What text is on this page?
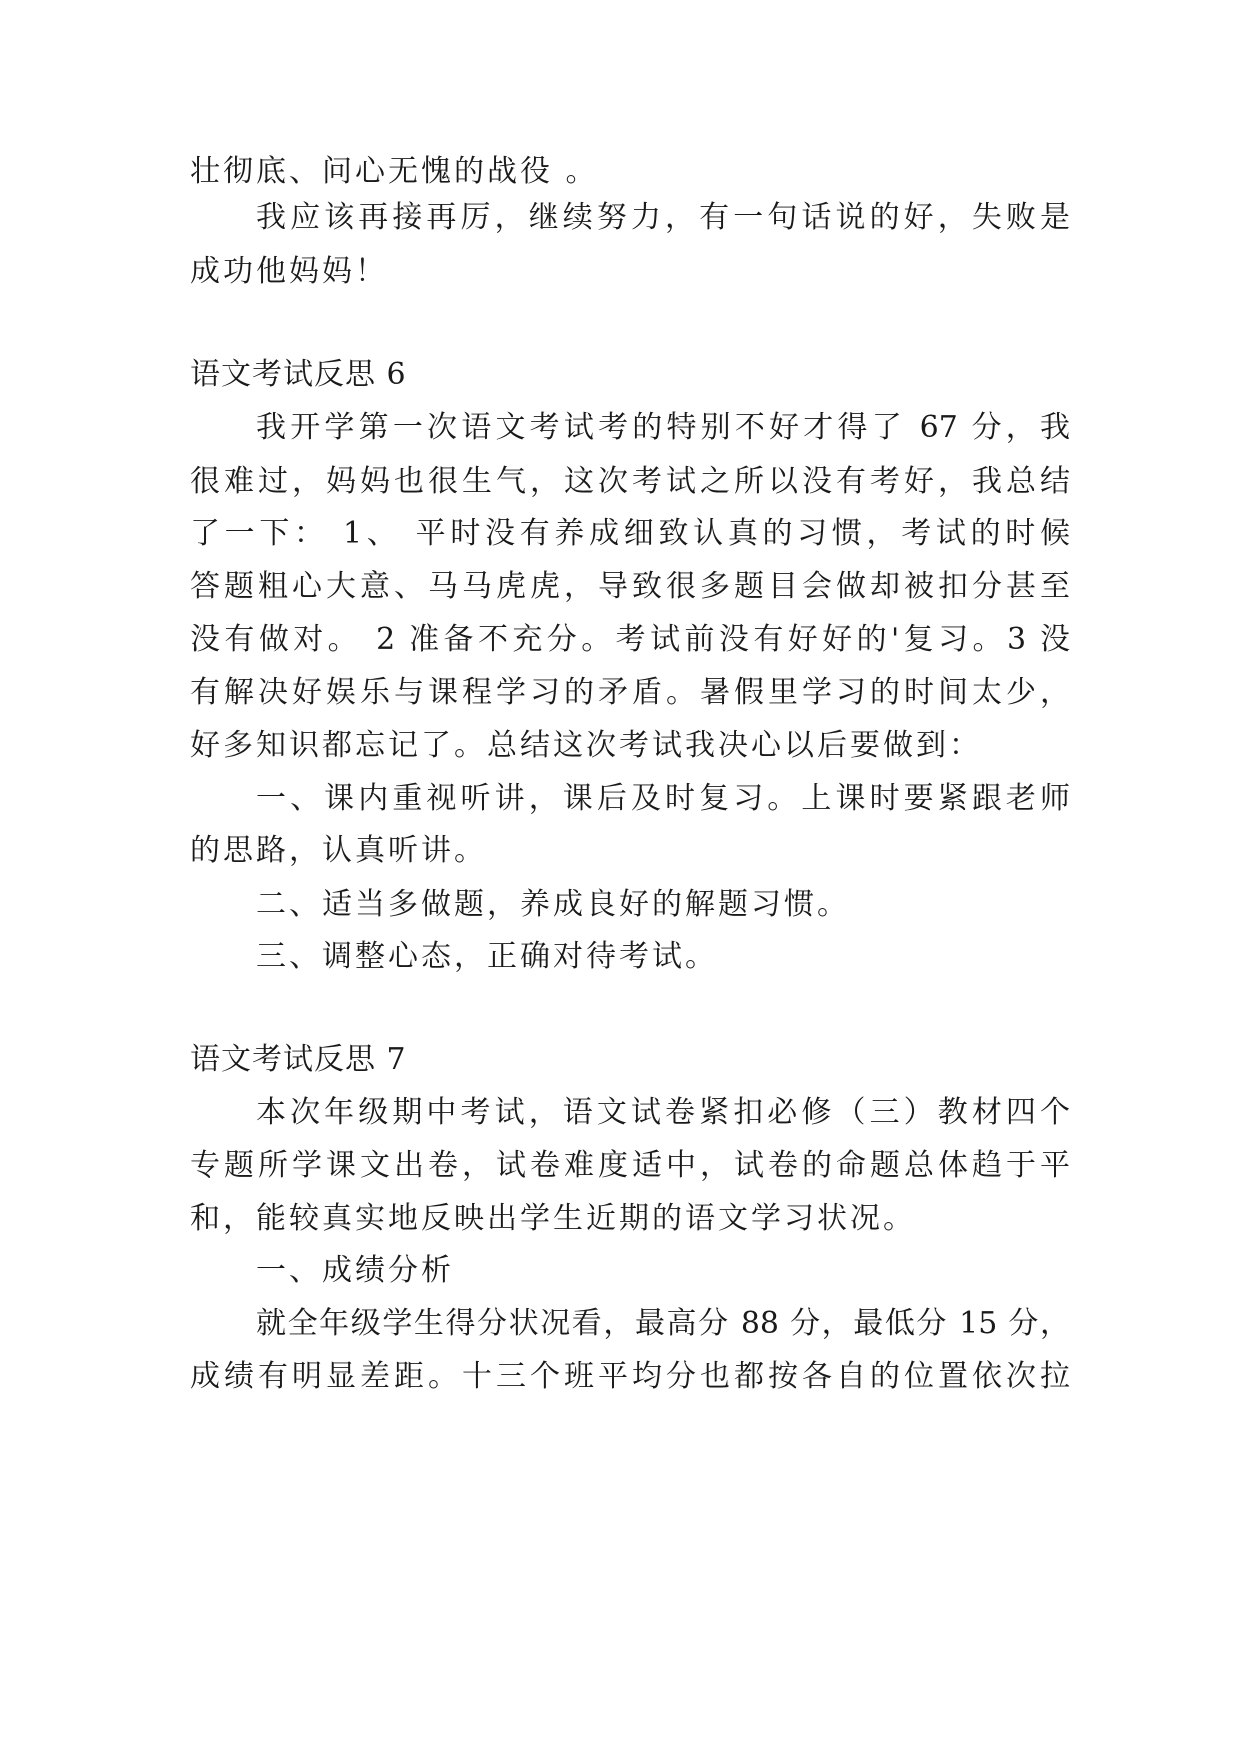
壮彻底、问心无愧的战役 。
我应该再接再厉，继续努力，有一句话说的好，失败是
成功他妈妈！
语文考试反思 6
我开学第一次语文考试考的特别不好才得了 67 分，我
很难过，妈妈也很生气，这次考试之所以没有考好，我总结
了一下： 1、 平时没有养成细致认真的习惯，考试的时候
答题粗心大意、马马虎虎，导致很多题目会做却被扣分甚至
没有做对。 2 准备不充分。考试前没有好好的'复习。3 没
有解决好娱乐与课程学习的矛盾。暑假里学习的时间太少，
好多知识都忘记了。总结这次考试我决心以后要做到：
一、课内重视听讲，课后及时复习。上课时要紧跟老师
的思路，认真听讲。
二、适当多做题，养成良好的解题习惯。
三、调整心态，正确对待考试。
语文考试反思 7
本次年级期中考试，语文试卷紧扣必修（三）教材四个
专题所学课文出卷，试卷难度适中，试卷的命题总体趋于平
和，能较真实地反映出学生近期的语文学习状况。
一、成绩分析
就全年级学生得分状况看，最高分 88 分，最低分 15 分，
成绩有明显差距。十三个班平均分也都按各自的位置依次拉
